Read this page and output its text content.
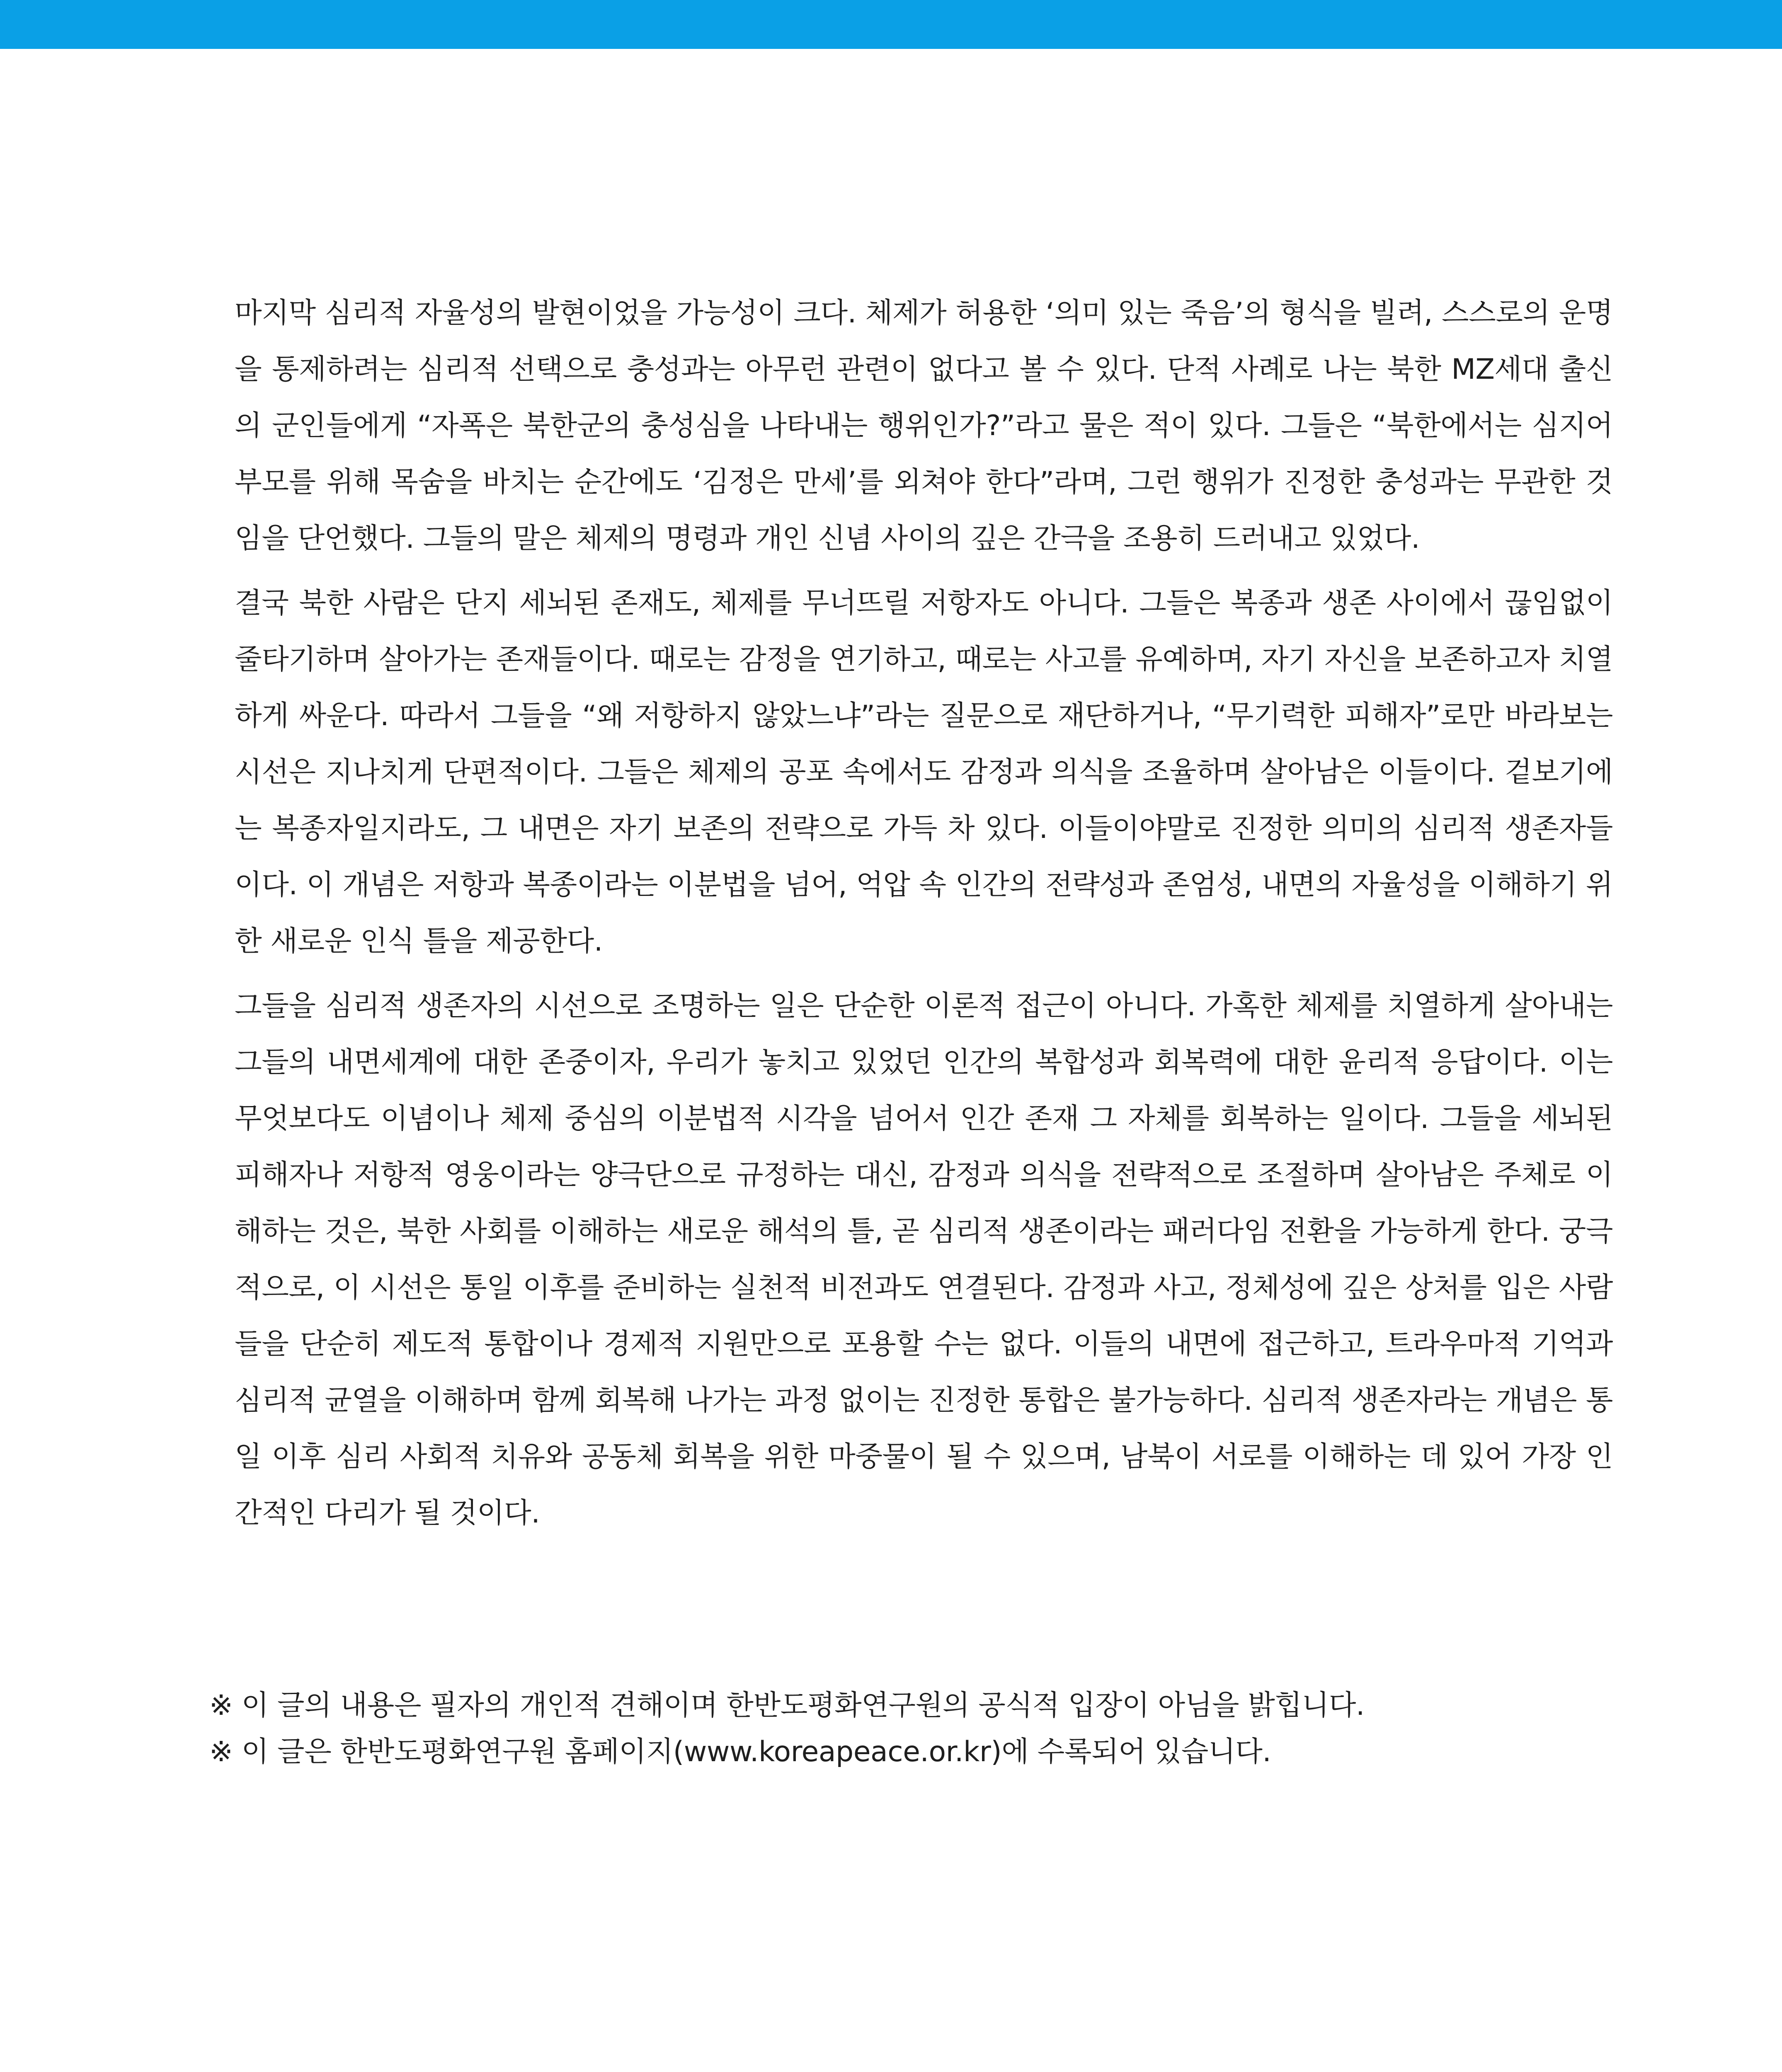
마지막 심리적 자율성의 발현이었을 가능성이 크다. 체제가 허용한 ‘의미 있는 죽음’의 형식을 빌려, 스스로의 운명을 통제하려는 심리적 선택으로 충성과는 아무런 관련이 없다고 볼 수 있다. 단적 사례로 나는 북한 MZ세대 출신의 군인들에게 “자폭은 북한군의 충성심을 나타내는 행위인가?”라고 물은 적이 있다. 그들은 “북한에서는 심지어 부모를 위해 목숨을 바치는 순간에도 ‘김정은 만세’를 외쳐야 한다”라며, 그런 행위가 진정한 충성과는 무관한 것임을 단언했다. 그들의 말은 체제의 명령과 개인 신념 사이의 깊은 간극을 조용히 드러내고 있었다.

결국 북한 사람은 단지 세뇌된 존재도, 체제를 무너뜨릴 저항자도 아니다. 그들은 복종과 생존 사이에서 끊임없이 줄타기하며 살아가는 존재들이다. 때로는 감정을 연기하고, 때로는 사고를 유예하며, 자기 자신을 보존하고자 치열하게 싸운다. 따라서 그들을 “왜 저항하지 않았느냐”라는 질문으로 재단하거나, “무기력한 피해자”로만 바라보는 시선은 지나치게 단편적이다. 그들은 체제의 공포 속에서도 감정과 의식을 조율하며 살아남은 이들이다. 겉보기에는 복종자일지라도, 그 내면은 자기 보존의 전략으로 가득 차 있다. 이들이야말로 진정한 의미의 심리적 생존자들이다. 이 개념은 저항과 복종이라는 이분법을 넘어, 억압 속 인간의 전략성과 존엄성, 내면의 자율성을 이해하기 위한 새로운 인식 틀을 제공한다.

그들을 심리적 생존자의 시선으로 조명하는 일은 단순한 이론적 접근이 아니다. 가혹한 체제를 치열하게 살아내는 그들의 내면세계에 대한 존중이자, 우리가 놓치고 있었던 인간의 복합성과 회복력에 대한 윤리적 응답이다. 이는 무엇보다도 이념이나 체제 중심의 이분법적 시각을 넘어서 인간 존재 그 자체를 회복하는 일이다. 그들을 세뇌된 피해자나 저항적 영웅이라는 양극단으로 규정하는 대신, 감정과 의식을 전략적으로 조절하며 살아남은 주체로 이해하는 것은, 북한 사회를 이해하는 새로운 해석의 틀, 곧 심리적 생존이라는 패러다임 전환을 가능하게 한다. 궁극적으로, 이 시선은 통일 이후를 준비하는 실천적 비전과도 연결된다. 감정과 사고, 정체성에 깊은 상처를 입은 사람들을 단순히 제도적 통합이나 경제적 지원만으로 포용할 수는 없다. 이들의 내면에 접근하고, 트라우마적 기억과 심리적 균열을 이해하며 함께 회복해 나가는 과정 없이는 진정한 통합은 불가능하다. 심리적 생존자라는 개념은 통일 이후 심리 사회적 치유와 공동체 회복을 위한 마중물이 될 수 있으며, 남북이 서로를 이해하는 데 있어 가장 인간적인 다리가 될 것이다.

※ 이 글의 내용은 필자의 개인적 견해이며 한반도평화연구원의 공식적 입장이 아님을 밝힙니다.
※ 이 글은 한반도평화연구원 홈페이지(www.koreapeace.or.kr)에 수록되어 있습니다.
